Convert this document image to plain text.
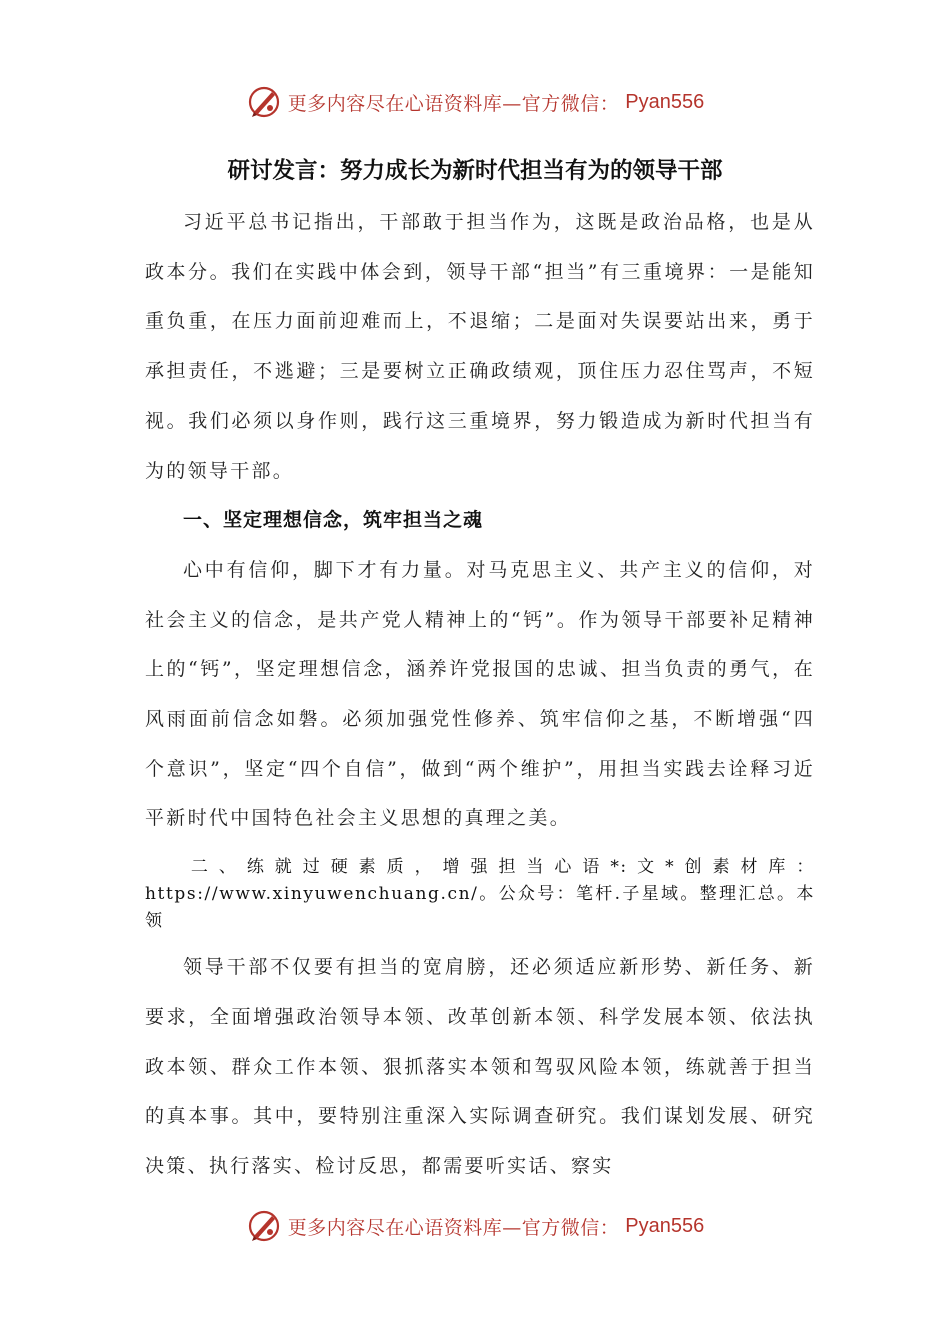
更多内容尽在心语资料库—官方微信： Pyan556
研讨发言：努力成长为新时代担当有为的领导干部

习近平总书记指出，干部敢于担当作为，这既是政治品格，也是从政本分。我们在实践中体会到，领导干部“担当”有三重境界：一是能知重负重，在压力面前迎难而上，不退缩；二是面对失误要站出来，勇于承担责任，不逃避；三是要树立正确政绩观，顶住压力忍住骂声，不短视。我们必须以身作则，践行这三重境界，努力锻造成为新时代担当有为的领导干部。

一、坚定理想信念，筑牢担当之魂

心中有信仰，脚下才有力量。对马克思主义、共产主义的信仰，对社会主义的信念，是共产党人精神上的“钙”。作为领导干部要补足精神上的“钙”，坚定理想信念，涵养许党报国的忠诚、担当负责的勇气，在风雨面前信念如磐。必须加强党性修养、筑牢信仰之基，不断增强“四个意识”，坚定“四个自信”，做到“两个维护”，用担当实践去诠释习近平新时代中国特色社会主义思想的真理之美。

二、练就过硬素质，增强担当心语*:文*创素材库：https://www.xinyuwenchuang.cn/。公众号：笔杆.子星域。整理汇总。本领

领导干部不仅要有担当的宽肩膀，还必须适应新形势、新任务、新要求，全面增强政治领导本领、改革创新本领、科学发展本领、依法执政本领、群众工作本领、狠抓落实本领和驾驭风险本领，练就善于担当的真本事。其中，要特别注重深入实际调查研究。我们谋划发展、研究决策、执行落实、检讨反思，都需要听实话、察实

更多内容尽在心语资料库—官方微信： Pyan556
